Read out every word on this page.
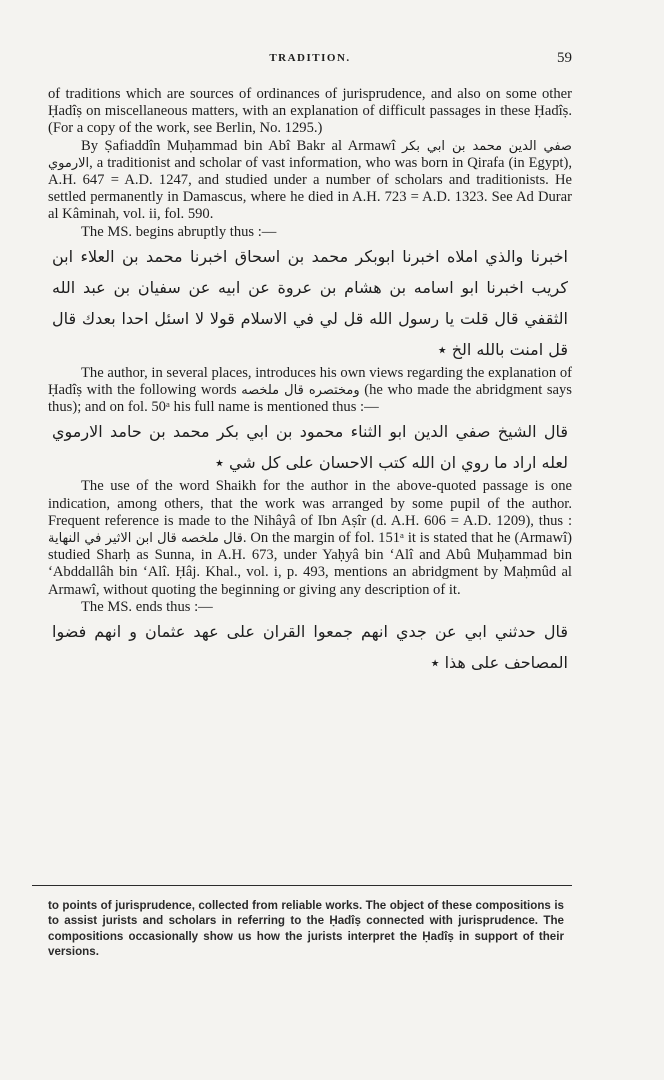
TRADITION.	59

of traditions which are sources of ordinances of jurisprudence, and also on some other Ḥadîṣ on miscellaneous matters, with an explanation of difficult passages in these Ḥadîṣ. (For a copy of the work, see Berlin, No. 1295.)

By Ṣafiaddîn Muḥammad bin Abî Bakr al Armawî	صفي الدين محمد بن ابي بكر الارموي, a traditionist and scholar of vast information, who was born in Qirafa (in Egypt), A.H. 647 = A.D. 1247, and studied under a number of scholars and traditionists. He settled permanently in Damascus, where he died in A.H. 723 = A.D. 1323. See Ad Durar al Kâminah, vol. ii, fol. 590.

The MS. begins abruptly thus :—

اخبرنا والذي املاه اخبرنا ابوبكر محمد بن اسحاق اخبرنا محمد بن العلاء ابن كريب اخبرنا ابو اسامه بن هشام بن عروة عن ابيه عن سفيان بن عبد الله الثقفي قال قلت يا رسول الله قل لي في الاسلام قولا لا اسئل احدا بعدك قال قل امنت بالله الخ ٭

The author, in several places, introduces his own views regarding the explanation of Ḥadîṣ with the following words ومختصره قال ملخصه (he who made the abridgment says thus); and on fol. 50ᵃ his full name is mentioned thus :—

قال الشيخ صفي الدين ابو الثناء محمود بن ابي بكر محمد بن حامد الارموي لعله اراد ما روي ان الله كتب الاحسان على كل شي ٭

The use of the word Shaikh for the author in the above-quoted passage is one indication, among others, that the work was arranged by some pupil of the author. Frequent reference is made to the Nihâyâ of Ibn Aṣîr (d. A.H. 606 = A.D. 1209), thus : قال ملخصه قال ابن الاثير في النهاية. On the margin of fol. 151ᵃ it is stated that he (Armawî) studied Sharḥ as Sunna, in A.H. 673, under Yaḥyâ bin ‘Alî and Abû Muḥammad bin ‘Abddallâh bin ‘Alî. Ḥâj. Khal., vol. i, p. 493, mentions an abridgment by Maḥmûd al Armawî, without quoting the beginning or giving any description of it.

The MS. ends thus :—

قال حدثني ابي عن جدي انهم جمعوا القران على عهد عثمان و انهم فضوا المصاحف على هذا ٭

to points of jurisprudence, collected from reliable works. The object of these compositions is to assist jurists and scholars in referring to the Ḥadîṣ connected with jurisprudence. The compositions occasionally show us how the jurists interpret the Ḥadîṣ in support of their versions.
